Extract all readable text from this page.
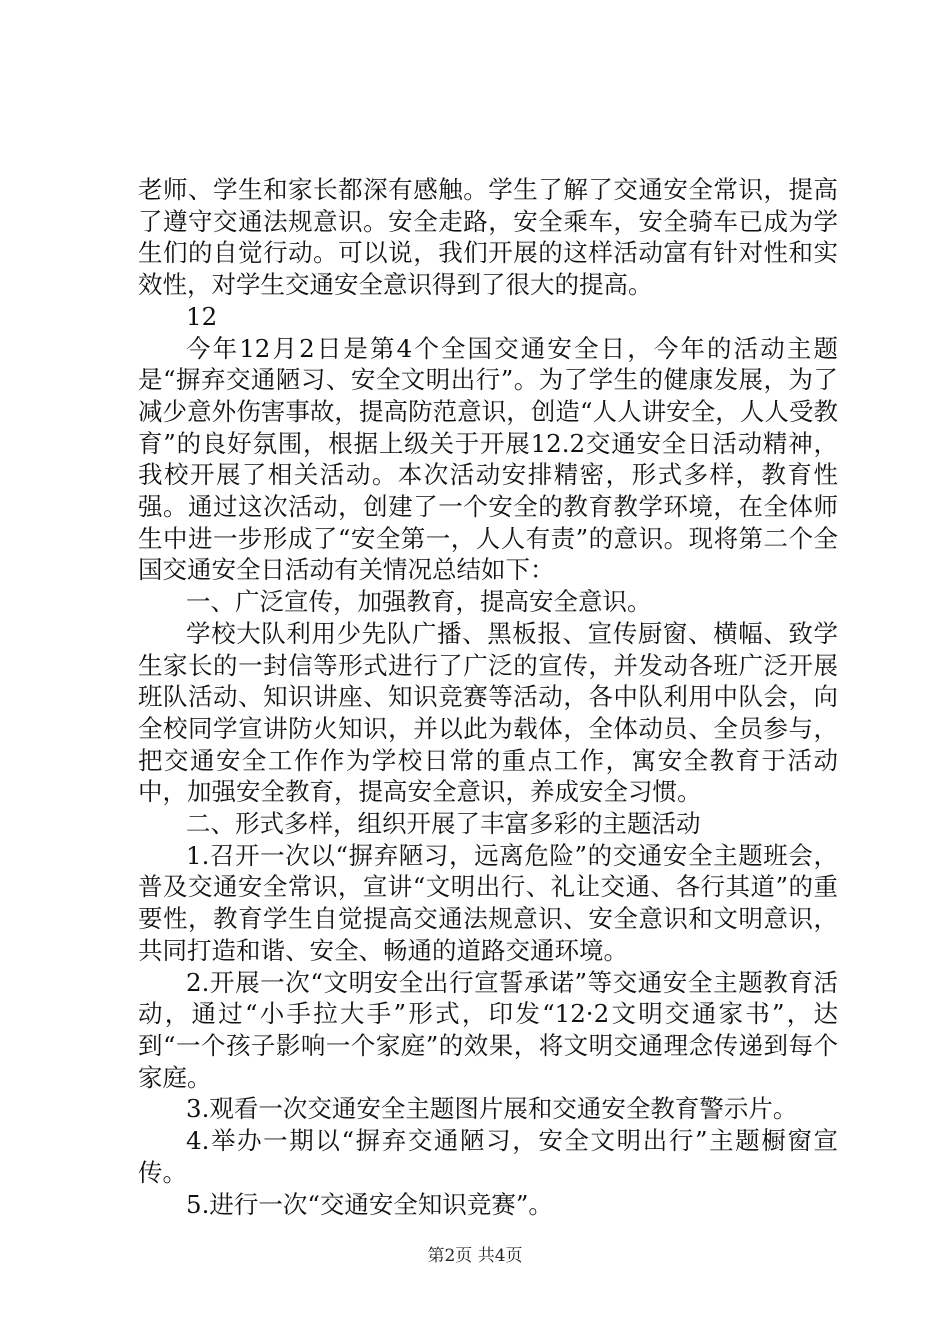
老师、学生和家长都深有感触。学生了解了交通安全常识，提高了遵守交通法规意识。安全走路，安全乘车，安全骑车已成为学生们的自觉行动。可以说，我们开展的这样活动富有针对性和实效性，对学生交通安全意识得到了很大的提高。

12

今年12月2日是第4个全国交通安全日，今年的活动主题是“摒弃交通陋习、安全文明出行”。为了学生的健康发展，为了减少意外伤害事故，提高防范意识，创造“人人讲安全，人人受教育”的良好氛围，根据上级关于开展12.2交通安全日活动精神，我校开展了相关活动。本次活动安排精密，形式多样，教育性强。通过这次活动，创建了一个安全的教育教学环境，在全体师生中进一步形成了“安全第一，人人有责”的意识。现将第二个全国交通安全日活动有关情况总结如下：

一、广泛宣传，加强教育，提高安全意识。

学校大队利用少先队广播、黑板报、宣传厨窗、横幅、致学生家长的一封信等形式进行了广泛的宣传，并发动各班广泛开展班队活动、知识讲座、知识竞赛等活动，各中队利用中队会，向全校同学宣讲防火知识，并以此为载体，全体动员、全员参与，把交通安全工作作为学校日常的重点工作，寓安全教育于活动中，加强安全教育，提高安全意识，养成安全习惯。

二、形式多样，组织开展了丰富多彩的主题活动

1.召开一次以“摒弃陋习，远离危险”的交通安全主题班会，普及交通安全常识，宣讲“文明出行、礼让交通、各行其道”的重要性，教育学生自觉提高交通法规意识、安全意识和文明意识，共同打造和谐、安全、畅通的道路交通环境。

2.开展一次“文明安全出行宣誓承诺”等交通安全主题教育活动，通过“小手拉大手”形式，印发“12·2文明交通家书”，达到“一个孩子影响一个家庭”的效果，将文明交通理念传递到每个家庭。

3.观看一次交通安全主题图片展和交通安全教育警示片。

4.举办一期以“摒弃交通陋习，安全文明出行”主题橱窗宣传。

5.进行一次“交通安全知识竞赛”。

第2页 共4页
